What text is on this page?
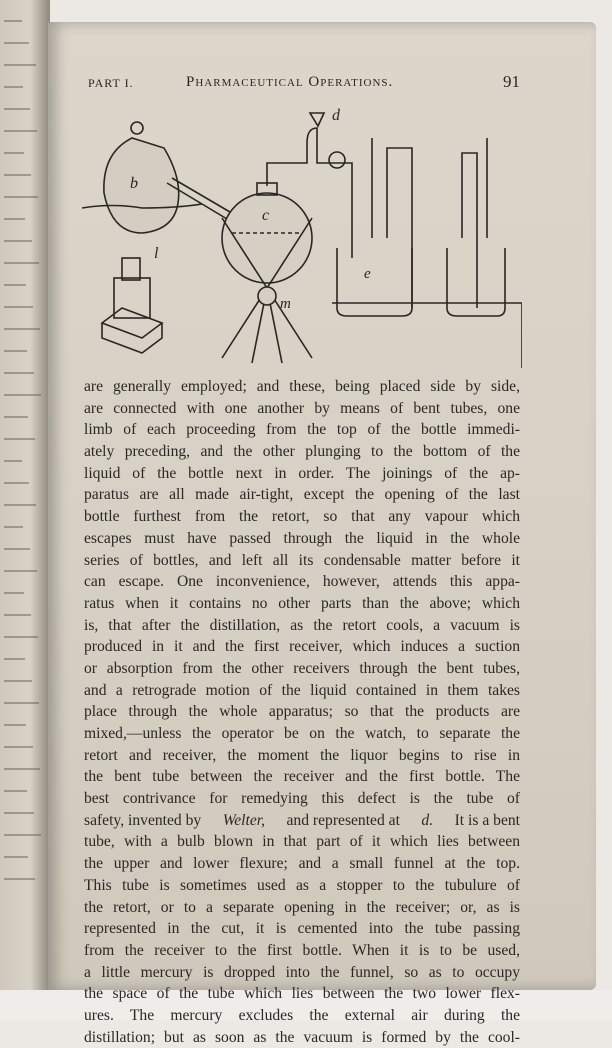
PART I.	Pharmaceutical Operations.	91
b
c
m
d
e
l
are generally employed; and these, being placed side by side,
are connected with one another by means of bent tubes, one
limb of each proceeding from the top of the bottle immedi-
ately preceding, and the other plunging to the bottom of the
liquid of the bottle next in order. The joinings of the ap-
paratus are all made air-tight, except the opening of the last
bottle furthest from the retort, so that any vapour which
escapes must have passed through the liquid in the whole
series of bottles, and left all its condensable matter before it
can escape. One inconvenience, however, attends this appa-
ratus when it contains no other parts than the above; which
is, that after the distillation, as the retort cools, a vacuum is
produced in it and the first receiver, which induces a suction
or absorption from the other receivers through the bent tubes,
and a retrograde motion of the liquid contained in them takes
place through the whole apparatus; so that the products are
mixed,—unless the operator be on the watch, to separate the
retort and receiver, the moment the liquor begins to rise in
the bent tube between the receiver and the first bottle. The
best contrivance for remedying this defect is the tube of
safety, invented by Welter, and represented at d. It is a bent
tube, with a bulb blown in that part of it which lies between
the upper and lower flexure; and a small funnel at the top.
This tube is sometimes used as a stopper to the tubulure of
the retort, or to a separate opening in the receiver; or, as is
represented in the cut, it is cemented into the tube passing
from the receiver to the first bottle. When it is to be used,
a little mercury is dropped into the funnel, so as to occupy
the space of the tube which lies between the two lower flex-
ures. The mercury excludes the external air during the
distillation; but as soon as the vacuum is formed by the cool-
